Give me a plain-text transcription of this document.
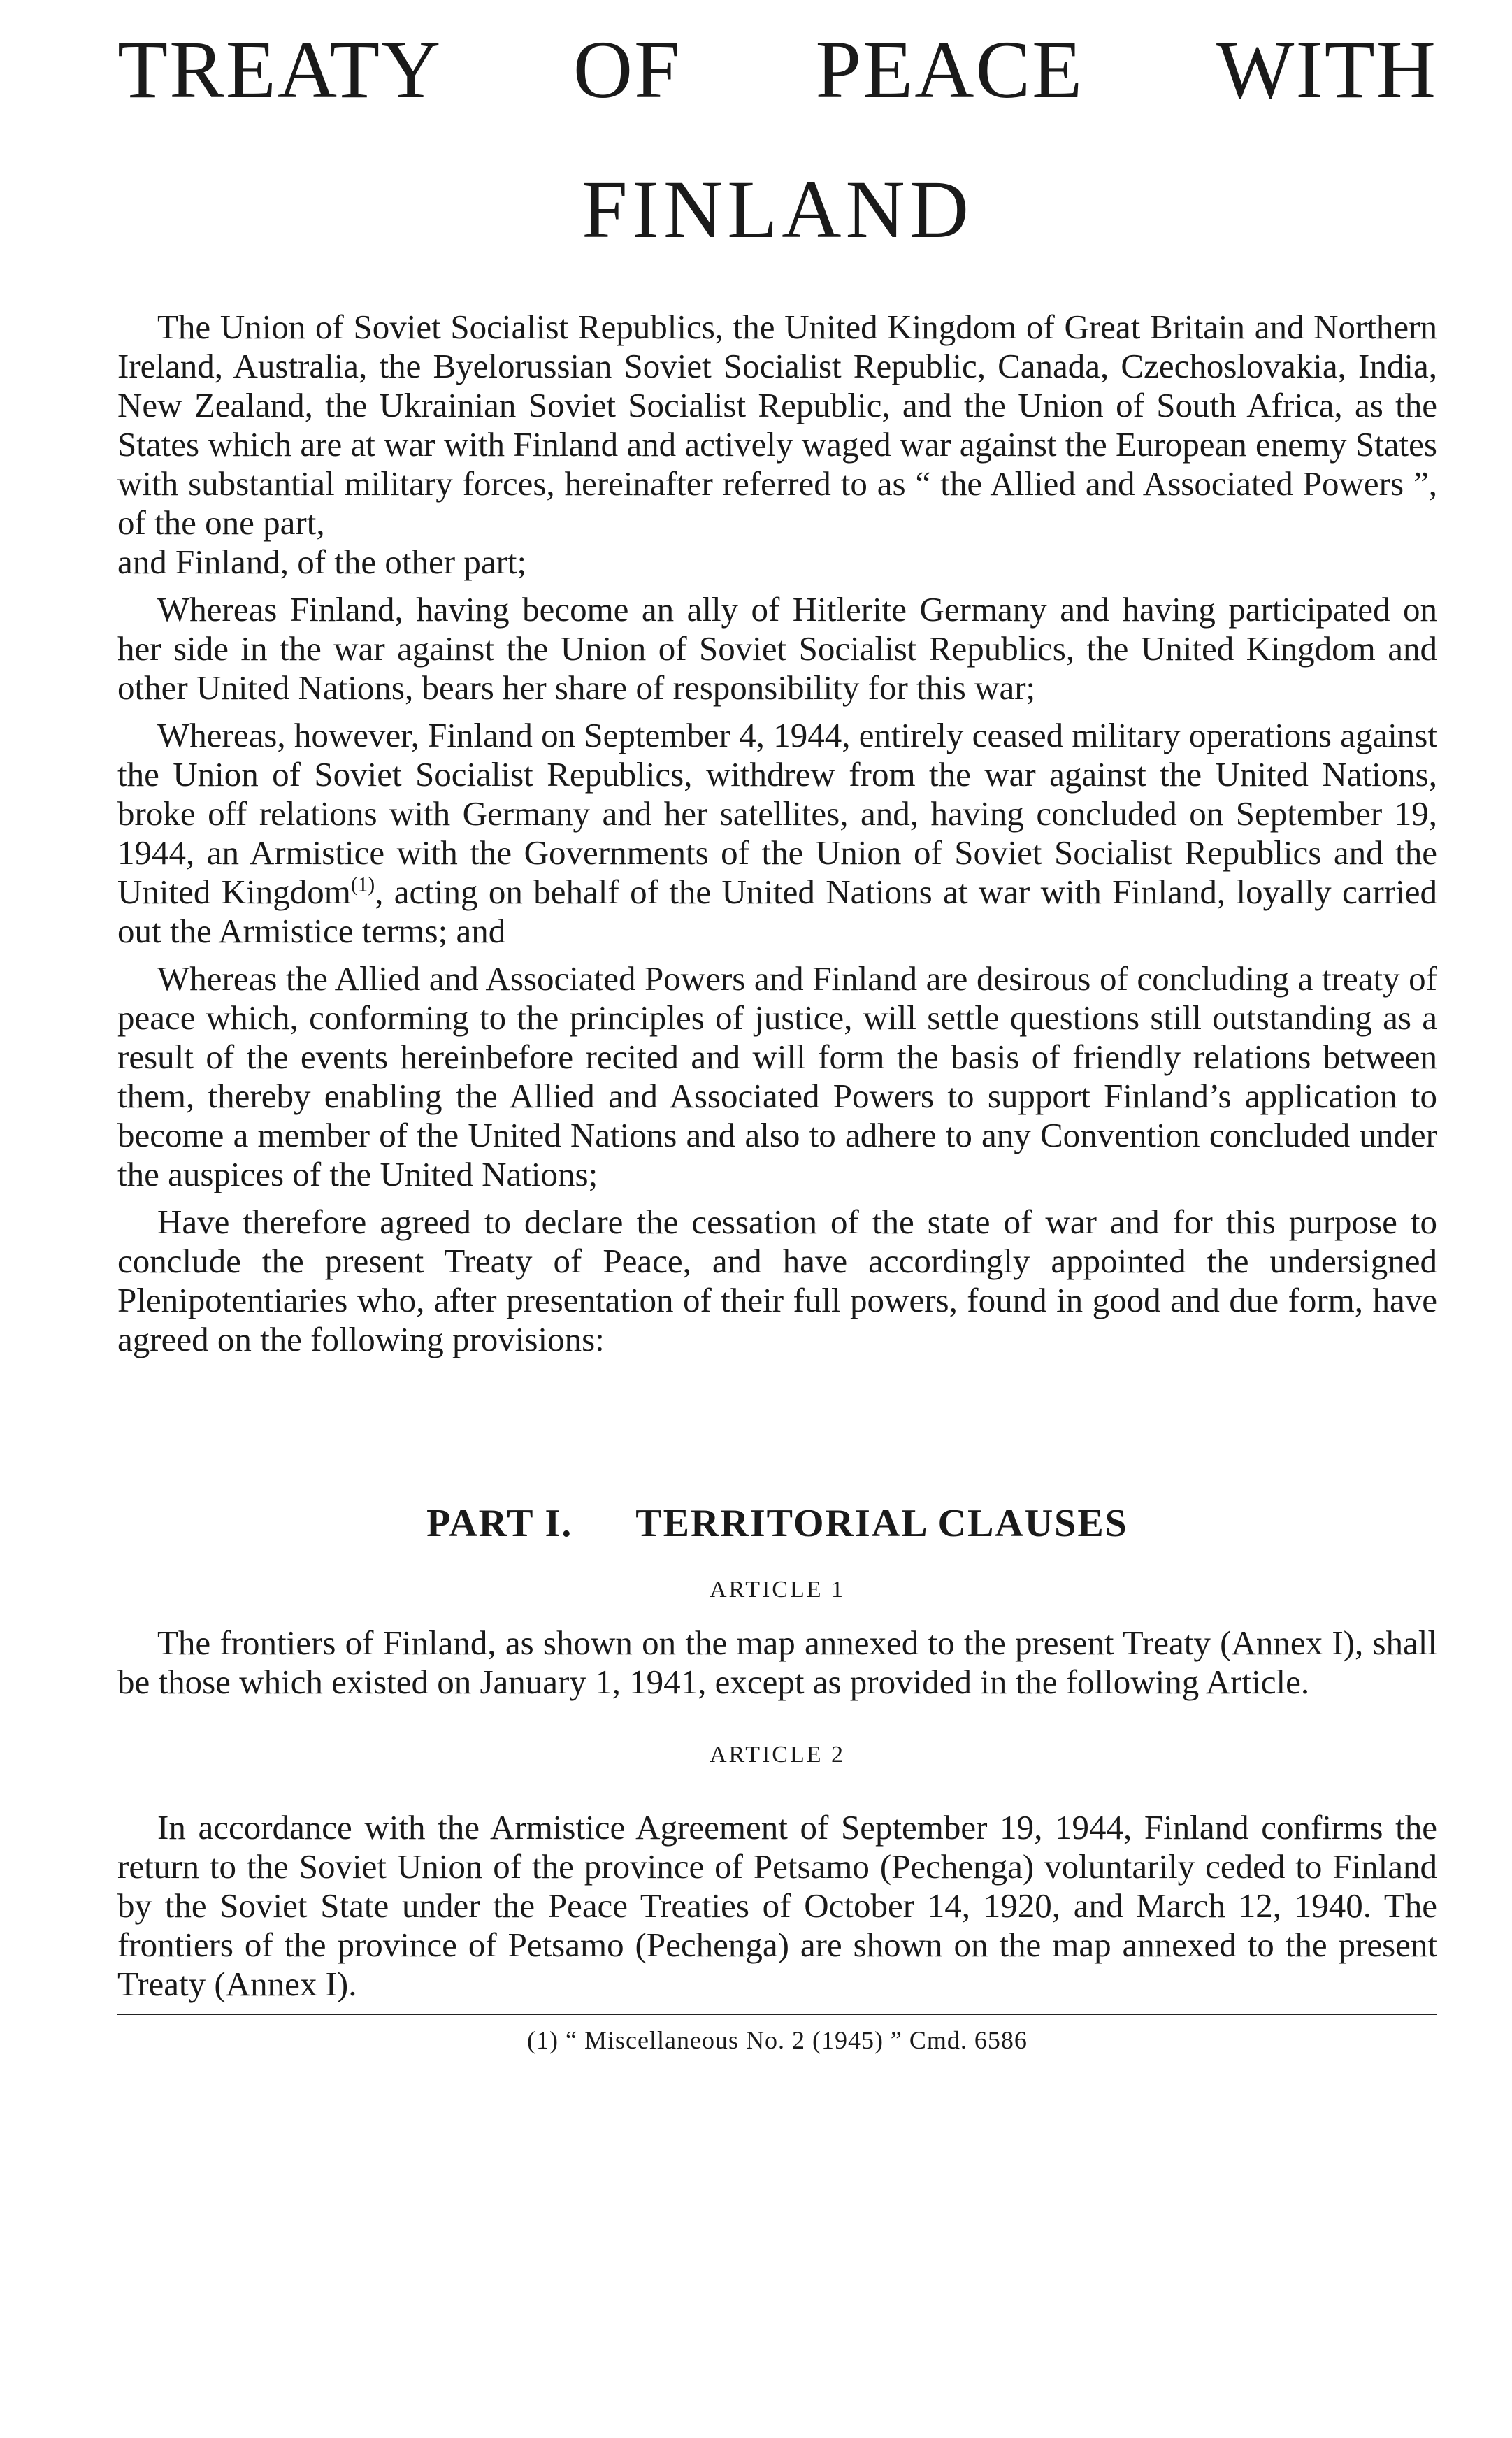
TREATY OF PEACE WITH
FINLAND

The Union of Soviet Socialist Republics, the United Kingdom of Great Britain and Northern Ireland, Australia, the Byelorussian Soviet Socialist Republic, Canada, Czechoslovakia, India, New Zealand, the Ukrainian Soviet Socialist Republic, and the Union of South Africa, as the States which are at war with Finland and actively waged war against the European enemy States with substantial military forces, hereinafter referred to as “ the Allied and Associated Powers ”, of the one part,

and Finland, of the other part;

Whereas Finland, having become an ally of Hitlerite Germany and having participated on her side in the war against the Union of Soviet Socialist Republics, the United Kingdom and other United Nations, bears her share of responsibility for this war;

Whereas, however, Finland on September 4, 1944, entirely ceased military operations against the Union of Soviet Socialist Republics, withdrew from the war against the United Nations, broke off relations with Germany and her satellites, and, having concluded on September 19, 1944, an Armistice with the Governments of the Union of Soviet Socialist Republics and the United Kingdom$^{(1)}$, acting on behalf of the United Nations at war with Finland, loyally carried out the Armistice terms; and

Whereas the Allied and Associated Powers and Finland are desirous of concluding a treaty of peace which, conforming to the principles of justice, will settle questions still outstanding as a result of the events hereinbefore recited and will form the basis of friendly relations between them, thereby enabling the Allied and Associated Powers to support Finland’s application to become a member of the United Nations and also to adhere to any Convention concluded under the auspices of the United Nations;

Have therefore agreed to declare the cessation of the state of war and for this purpose to conclude the present Treaty of Peace, and have accordingly appointed the undersigned Plenipotentiaries who, after presentation of their full powers, found in good and due form, have agreed on the following provisions:

PART I. TERRITORIAL CLAUSES
ARTICLE 1

The frontiers of Finland, as shown on the map annexed to the present Treaty (Annex I), shall be those which existed on January 1, 1941, except as provided in the following Article.

ARTICLE 2

In accordance with the Armistice Agreement of September 19, 1944, Finland confirms the return to the Soviet Union of the province of Petsamo (Pechenga) voluntarily ceded to Finland by the Soviet State under the Peace Treaties of October 14, 1920, and March 12, 1940. The frontiers of the province of Petsamo (Pechenga) are shown on the map annexed to the present Treaty (Annex I).

(1) “ Miscellaneous No. 2 (1945) ” Cmd. 6586
